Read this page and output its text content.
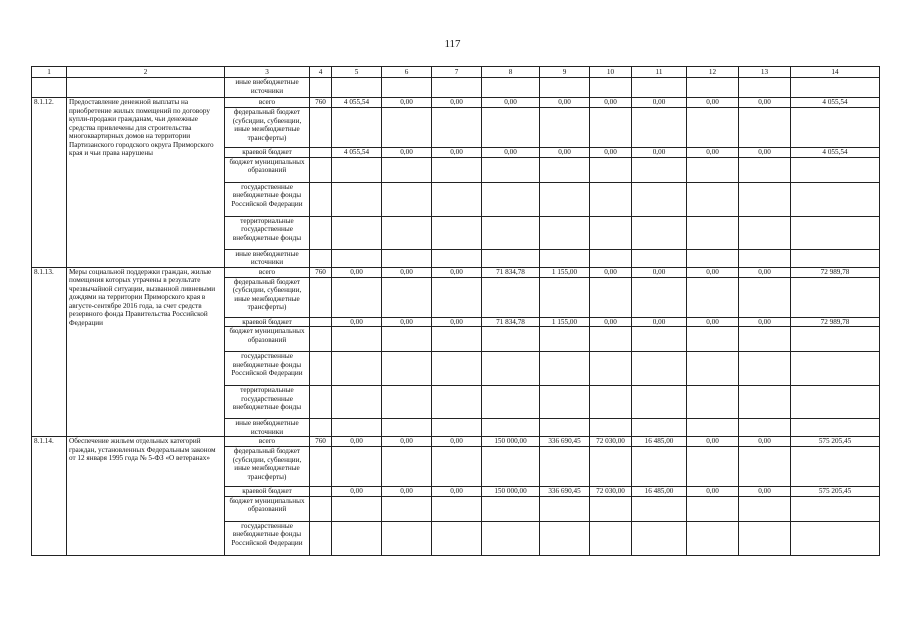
117
1	2	3	4	5	6	7	8	9	10	11	12	13	14
		иные внебюджетные источники											
8.1.12.	Предоставление денежной выплаты на приобретение жилых помещений по договору купли-продажи гражданам, чьи денежные средства привлечены для строительства многоквартирных домов на территории Партизанского городского округа Приморского края и чьи права нарушены	всего	760	4 055,54	0,00	0,00	0,00	0,00	0,00	0,00	0,00	0,00	4 055,54
		федеральный бюджет (субсидии, субвенции, иные межбюджетные трансферты)											
		краевой бюджет		4 055,54	0,00	0,00	0,00	0,00	0,00	0,00	0,00	0,00	4 055,54
		бюджет муниципальных образований											
		государственные внебюджетные фонды Российской Федерации											
		территориальные государственные внебюджетные фонды											
		иные внебюджетные источники											
8.1.13.	Меры социальной поддержки граждан, жилые помещения которых утрачены в результате чрезвычайной ситуации, вызванной ливневыми дождями на территории Приморского края в августе-сентябре 2016 года, за счет средств резервного фонда Правительства Российской Федерации	всего	760	0,00	0,00	0,00	71 834,78	1 155,00	0,00	0,00	0,00	0,00	72 989,78
		федеральный бюджет (субсидии, субвенции, иные межбюджетные трансферты)											
		краевой бюджет		0,00	0,00	0,00	71 834,78	1 155,00	0,00	0,00	0,00	0,00	72 989,78
		бюджет муниципальных образований											
		государственные внебюджетные фонды Российской Федерации											
		территориальные государственные внебюджетные фонды											
		иные внебюджетные источники											
8.1.14.	Обеспечение жильем отдельных категорий граждан, установленных Федеральным законом от 12 января 1995 года № 5-ФЗ «О ветеранах»	всего	760	0,00	0,00	0,00	150 000,00	336 690,45	72 030,00	16 485,00	0,00	0,00	575 205,45
		федеральный бюджет (субсидии, субвенции, иные межбюджетные трансферты)											
		краевой бюджет		0,00	0,00	0,00	150 000,00	336 690,45	72 030,00	16 485,00	0,00	0,00	575 205,45
		бюджет муниципальных образований											
		государственные внебюджетные фонды Российской Федерации											
